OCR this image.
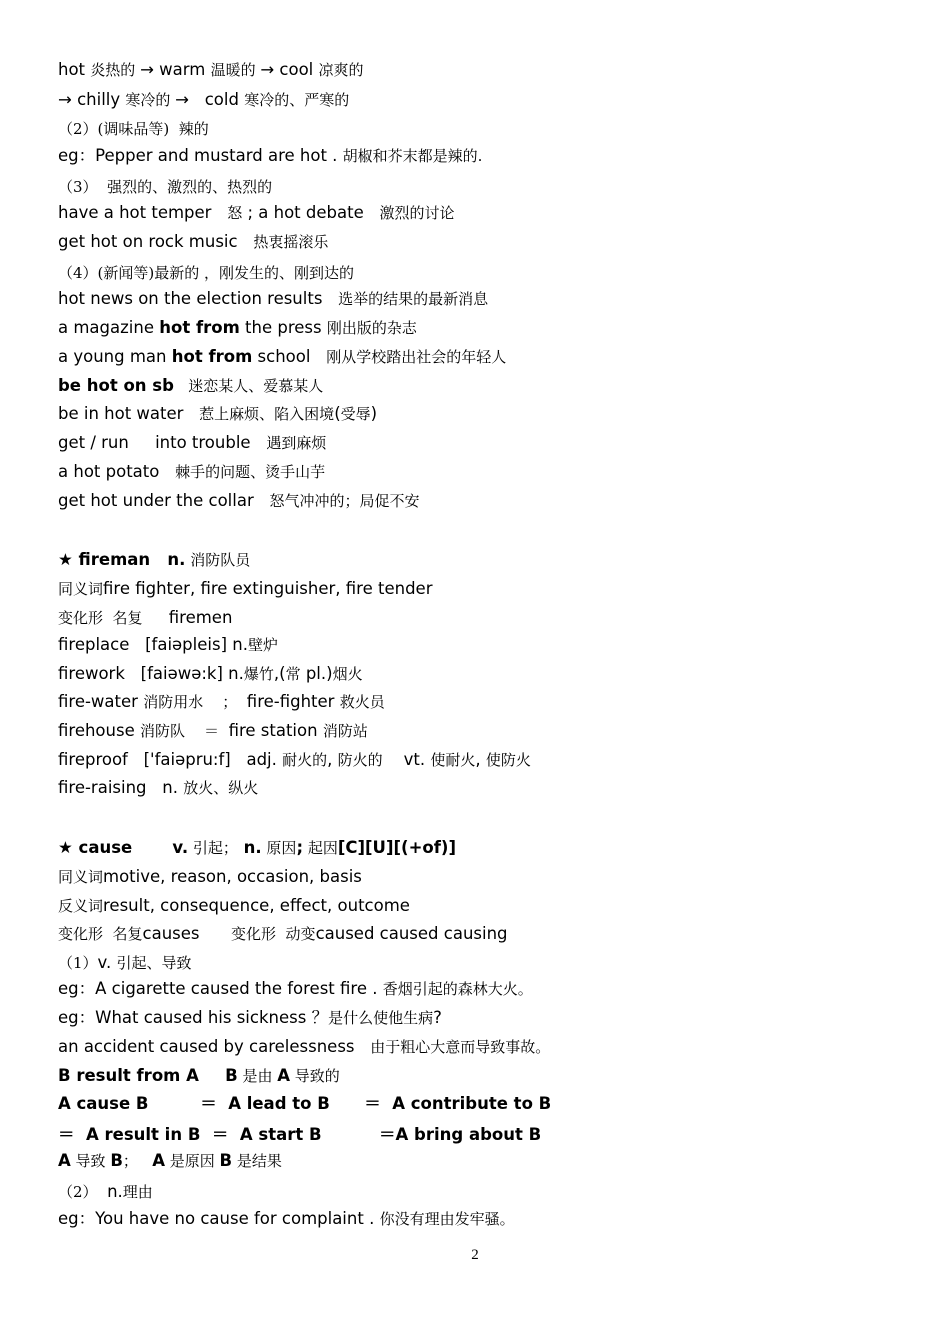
hot 炎热的 → warm 温暖的 → cool 凉爽的
→ chilly 寒冷的 →   cold 寒冷的、严寒的
（2）(调味品等)  辣的
eg：Pepper and mustard are hot . 胡椒和芥末都是辣的.
（3）  强烈的、激烈的、热烈的
have a hot temper   怒 ; a hot debate   激烈的讨论
get hot on rock music   热衷摇滚乐
（4）(新闻等)最新的 ，刚发生的、刚到达的
hot news on the election results   选举的结果的最新消息
a magazine hot from the press 刚出版的杂志
a young man hot from school   刚从学校踏出社会的年轻人
be hot on sb   迷恋某人、爱慕某人
be in hot water   惹上麻烦、陷入困境(受辱)
get / run     into trouble   遇到麻烦
a hot potato   棘手的问题、烫手山芋
get hot under the collar   怒气冲冲的；局促不安
★ fireman   n. 消防队员
同义词fire fighter, fire extinguisher, fire tender
变化形  名复     firemen
fireplace   [faiəpleis] n.壁炉
firework   [faiəwə:k] n.爆竹,(常 pl.)烟火
fire-water 消防用水    ；  fire-fighter 救火员
firehouse 消防队    ＝  fire station 消防站
fireproof   ['faiəpru:f]   adj. 耐火的, 防火的    vt. 使耐火, 使防火
fire-raising   n. 放火、纵火
★ cause       v. 引起； n. 原因; 起因[C][U][(+of)]
同义词motive, reason, occasion, basis
反义词result, consequence, effect, outcome
变化形  名复causes      变化形  动变caused caused causing
（1）v. 引起、导致
eg：A cigarette caused the forest fire . 香烟引起的森林大火。
eg：What caused his sickness ？是什么使他生病?
an accident caused by carelessness   由于粗心大意而导致事故。
B result from A B 是由 A 导致的
A cause B         ＝  A lead to B      ＝  A contribute to B
＝  A result in B  ＝  A start B          ＝A bring about B
A 导致 B；   A 是原因 B 是结果
（2）  n.理由
eg：You have no cause for complaint . 你没有理由发牢骚。
2
